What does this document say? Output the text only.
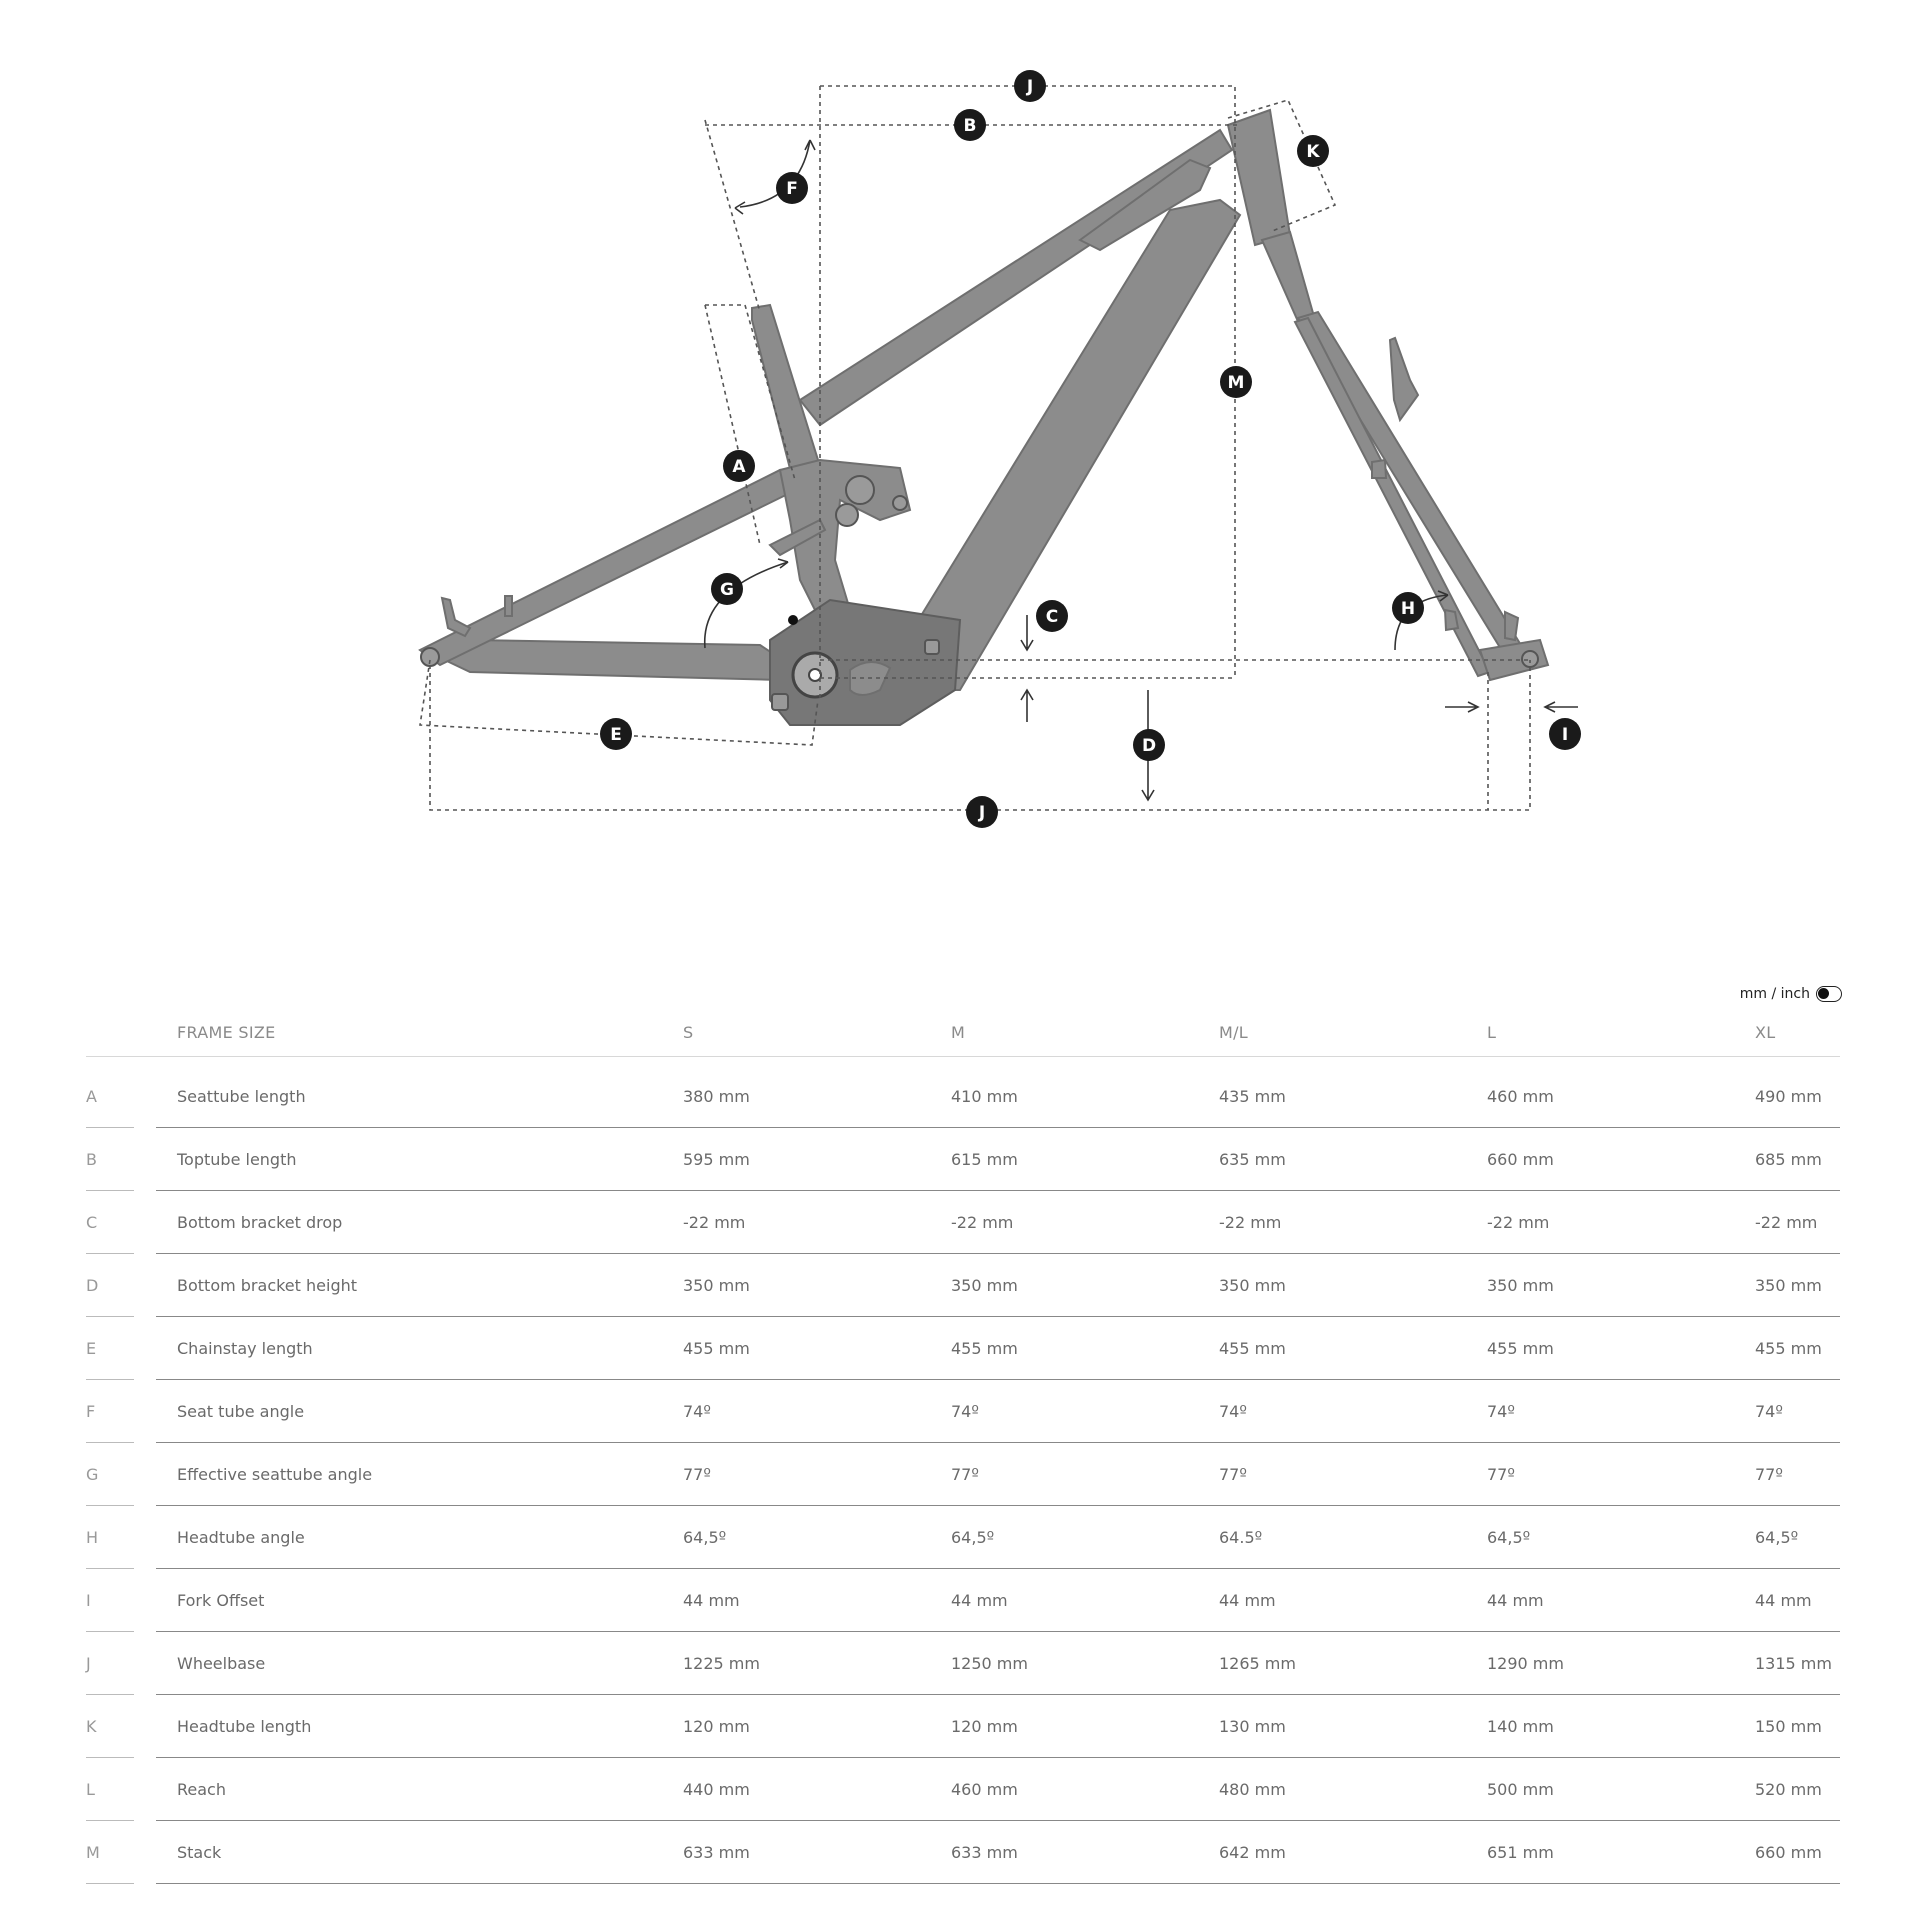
J
B
K
F
M
A
G
C	H
E
D
I
J
mm / inch
FRAME SIZE	S	M	M/L	L	XL
A	Seattube length	380 mm	410 mm	435 mm	460 mm	490 mm
B	Toptube length	595 mm	615 mm	635 mm	660 mm	685 mm
C	Bottom bracket drop	-22 mm	-22 mm	-22 mm	-22 mm	-22 mm
D	Bottom bracket height	350 mm	350 mm	350 mm	350 mm	350 mm
E	Chainstay length	455 mm	455 mm	455 mm	455 mm	455 mm
F	Seat tube angle	74º	74º	74º	74º	74º
G	Effective seattube angle	77º	77º	77º	77º	77º
H	Headtube angle	64,5º	64,5º	64.5º	64,5º	64,5º
I	Fork Offset	44 mm	44 mm	44 mm	44 mm	44 mm
J	Wheelbase	1225 mm	1250 mm	1265 mm	1290 mm	1315 mm
K	Headtube length	120 mm	120 mm	130 mm	140 mm	150 mm
L	Reach	440 mm	460 mm	480 mm	500 mm	520 mm
M	Stack	633 mm	633 mm	642 mm	651 mm	660 mm
